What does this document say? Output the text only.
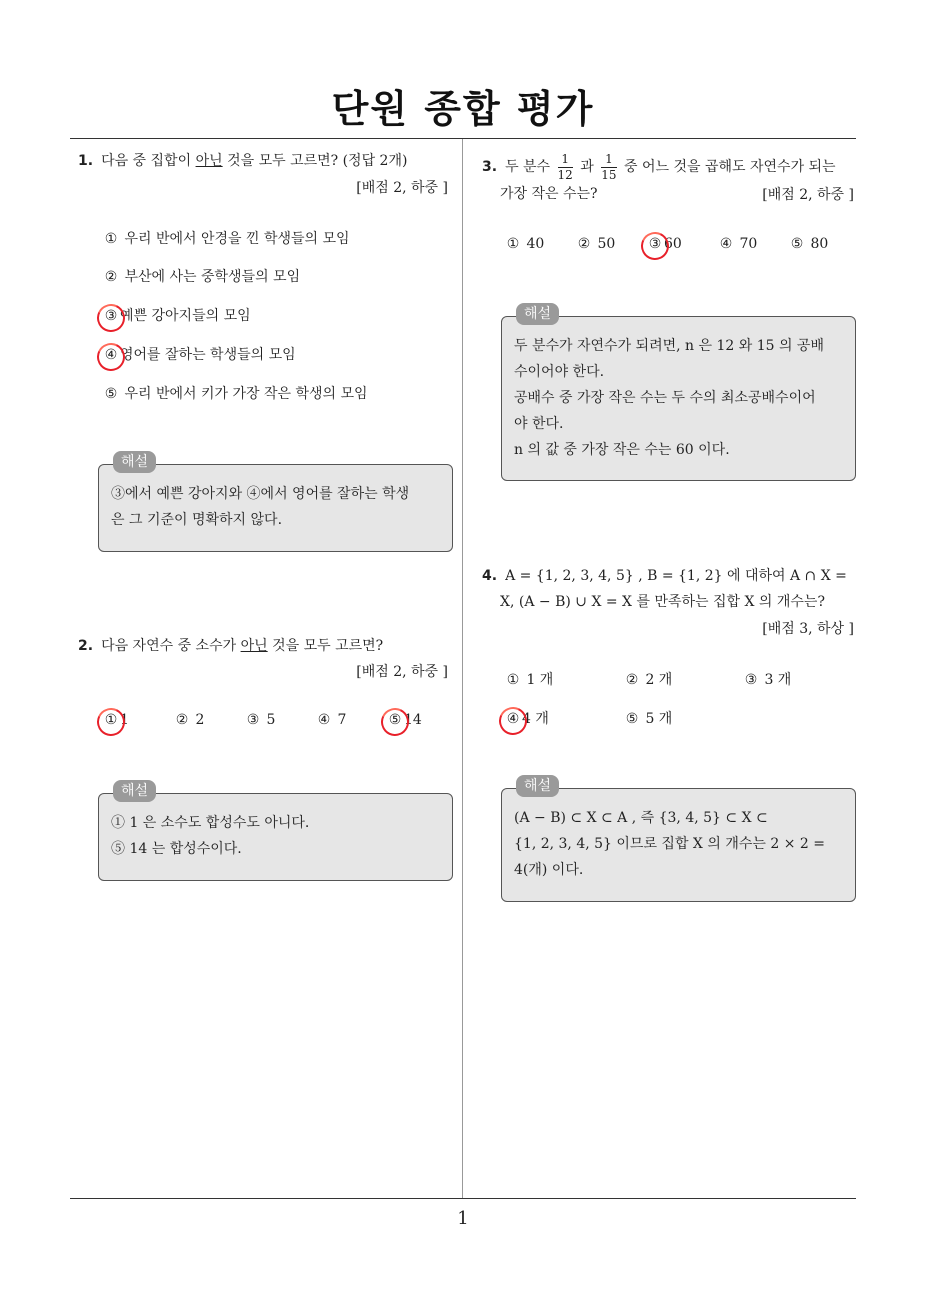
단원 종합 평가
1
1. 다음 중 집합이 아닌 것을 모두 고르면? (정답 2개)
[배점 2, 하중 ]
① 우리 반에서 안경을 낀 학생들의 모임
② 부산에 사는 중학생들의 모임
③ 예쁜 강아지들의 모임
④ 영어를 잘하는 학생들의 모임
⑤ 우리 반에서 키가 가장 작은 학생의 모임
해설
③에서 예쁜 강아지와 ④에서 영어를 잘하는 학생
은 그 기준이 명확하지 않다.
2. 다음 자연수 중 소수가 아닌 것을 모두 고르면?
[배점 2, 하중 ]
① 1	② 2	③ 5	④ 7	⑤ 14
해설
① 1 은 소수도 합성수도 아니다.
⑤ 14 는 합성수이다.
3. 두 분수 $\frac{1}{12}$ 과 $\frac{1}{15}$ 중 어느 것을 곱해도 자연수가 되는
가장 작은 수는?	[배점 2, 하중 ]
① 40 ② 50 ③ 60	④ 70 ⑤ 80
해설
두 분수가 자연수가 되려면, n 은 12 와 15 의 공배
수이어야 한다.
공배수 중 가장 작은 수는 두 수의 최소공배수이어
야 한다.
n 의 값 중 가장 작은 수는 60 이다.
4. A = {1, 2, 3, 4, 5} , B = {1, 2} 에 대하여 A ∩ X =
X, (A − B) ∪ X = X 를 만족하는 집합 X 의 개수는?
[배점 3, 하상 ]
① 1 개	② 2 개	③ 3 개
④ 4 개	⑤ 5 개
해설
(A − B) ⊂ X ⊂ A , 즉 {3, 4, 5} ⊂ X ⊂
{1, 2, 3, 4, 5} 이므로 집합 X 의 개수는 2 × 2 =
4(개) 이다.
